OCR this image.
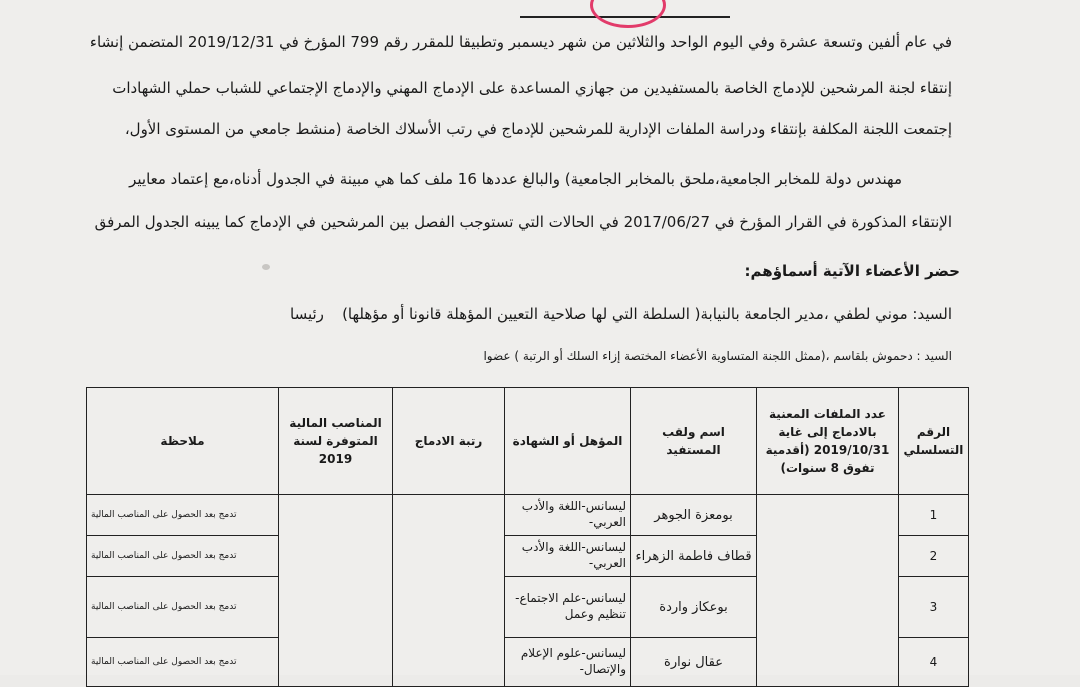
في عام ألفين وتسعة عشرة وفي اليوم الواحد والثلاثين من شهر ديسمبر وتطبيقا للمقرر رقم 799 المؤرخ في 2019/12/31 المتضمن إنشاء
إنتقاء لجنة المرشحين للإدماج الخاصة بالمستفيدين من جهازي المساعدة على الإدماج المهني والإدماج الإجتماعي للشباب حملي الشهادات
إجتمعت اللجنة المكلفة بإنتقاء ودراسة الملفات الإدارية للمرشحين للإدماج في رتب الأسلاك الخاصة (منشط جامعي من المستوى الأول،
مهندس دولة للمخابر الجامعية،ملحق بالمخابر الجامعية) والبالغ عددها 16 ملف كما هي مبينة في الجدول أدناه،مع إعتماد معايير
الإنتقاء المذكورة في القرار المؤرخ في 2017/06/27 في الحالات التي تستوجب الفصل بين المرشحين في الإدماج كما يبينه الجدول المرفق
حضر الأعضاء الآتية أسماؤهم:
السيد: موني لطفي ،مدير الجامعة بالنيابة( السلطة التي لها صلاحية التعيين المؤهلة قانونا أو مؤهلها)
رئيسا
السيد : دحموش بلقاسم ،(ممثل اللجنة المتساوية الأعضاء المختصة إزاء السلك أو الرتبة ) عضوا
الرقم التسلسلي	عدد الملفات المعنية بالادماج إلى غاية 2019/10/31 (أقدمية تفوق 8 سنوات)	اسم ولقب المستفيد	المؤهل أو الشهادة	رتبة الادماج	المناصب المالية المتوفرة لسنة 2019	ملاحظة
1		بومعزة الجوهر	ليسانس-اللغة والأدب العربي-			تدمج بعد الحصول على المناصب المالية
2		قطاف فاطمة الزهراء	ليسانس-اللغة والأدب العربي-			تدمج بعد الحصول على المناصب المالية
3		بوعكاز واردة	ليسانس-علم الاجتماع- تنظيم وعمل			تدمج بعد الحصول على المناصب المالية
4		عقال نوارة	ليسانس-علوم الإعلام والإتصال-			تدمج بعد الحصول على المناصب المالية
